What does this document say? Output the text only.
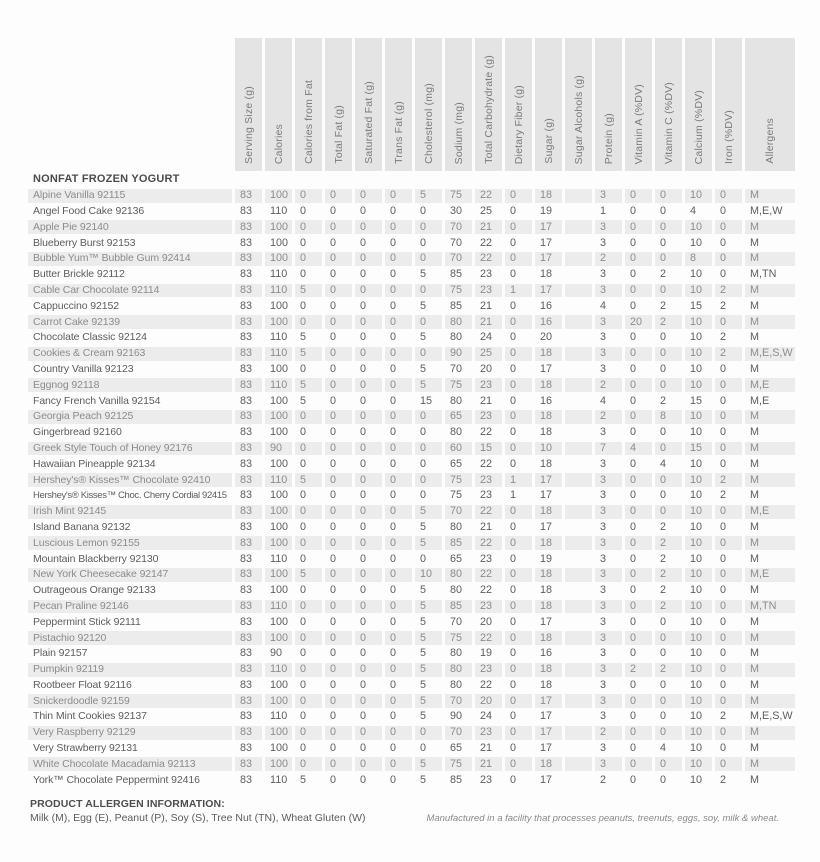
	Serving Size (g)	Calories	Calories from Fat	Total Fat (g)	Saturated Fat (g)	Trans Fat (g)	Cholesterol (mg)	Sodium (mg)	Total Carbohydrate (g)	Dietary Fiber (g)	Sugar (g)	Sugar Alcohols (g)	Protein (g)	Vitamin A (%DV)	Vitamin C (%DV)	Calcium (%DV)	Iron (%DV)	Allergens

NONFAT FROZEN YOGURT																		
Alpine Vanilla 92115	83	100	0	0	0	0	5	75	22	0	18		3	0	0	10	0	M
Angel Food Cake 92136	83	110	0	0	0	0	0	30	25	0	19		1	0	0	4	0	M,E,W
Apple Pie 92140	83	100	0	0	0	0	0	70	21	0	17		3	0	0	10	0	M
Blueberry Burst 92153	83	100	0	0	0	0	0	70	22	0	17		3	0	0	10	0	M
Bubble Yum™ Bubble Gum 92414	83	100	0	0	0	0	0	70	22	0	17		2	0	0	8	0	M
Butter Brickle 92112	83	110	0	0	0	0	5	85	23	0	18		3	0	2	10	0	M,TN
Cable Car Chocolate 92114	83	110	5	0	0	0	0	75	23	1	17		3	0	0	10	2	M
Cappuccino 92152	83	100	0	0	0	0	5	85	21	0	16		4	0	2	15	2	M
Carrot Cake 92139	83	100	0	0	0	0	0	80	21	0	16		3	20	2	10	0	M
Chocolate Classic 92124	83	110	5	0	0	0	5	80	24	0	20		3	0	0	10	2	M
Cookies & Cream 92163	83	110	5	0	0	0	0	90	25	0	18		3	0	0	10	2	M,E,S,W
Country Vanilla 92123	83	100	0	0	0	0	5	70	20	0	17		3	0	0	10	0	M
Eggnog 92118	83	110	5	0	0	0	5	75	23	0	18		2	0	0	10	0	M,E
Fancy French Vanilla 92154	83	100	5	0	0	0	15	80	21	0	16		4	0	2	15	0	M,E
Georgia Peach 92125	83	100	0	0	0	0	0	65	23	0	18		2	0	8	10	0	M
Gingerbread 92160	83	100	0	0	0	0	0	80	22	0	18		3	0	0	10	0	M
Greek Style Touch of Honey 92176	83	90	0	0	0	0	0	60	15	0	10		7	4	0	15	0	M
Hawaiian Pineapple 92134	83	100	0	0	0	0	0	65	22	0	18		3	0	4	10	0	M
Hershey's® Kisses™ Chocolate 92410	83	110	5	0	0	0	0	75	23	1	17		3	0	0	10	2	M
Hershey's® Kisses™ Choc. Cherry Cordial 92415	83	100	0	0	0	0	0	75	23	1	17		3	0	0	10	2	M
Irish Mint 92145	83	100	0	0	0	0	5	70	22	0	18		3	0	0	10	0	M,E
Island Banana 92132	83	100	0	0	0	0	5	80	21	0	17		3	0	2	10	0	M
Luscious Lemon 92155	83	100	0	0	0	0	5	85	22	0	18		3	0	2	10	0	M
Mountain Blackberry 92130	83	110	0	0	0	0	0	65	23	0	19		3	0	2	10	0	M
New York Cheesecake 92147	83	100	5	0	0	0	10	80	22	0	18		3	0	2	10	0	M,E
Outrageous Orange 92133	83	100	0	0	0	0	5	80	22	0	18		3	0	2	10	0	M
Pecan Praline 92146	83	110	0	0	0	0	5	85	23	0	18		3	0	2	10	0	M,TN
Peppermint Stick 92111	83	100	0	0	0	0	5	70	20	0	17		3	0	0	10	0	M
Pistachio 92120	83	100	0	0	0	0	5	75	22	0	18		3	0	0	10	0	M
Plain 92157	83	90	0	0	0	0	5	80	19	0	16		3	0	0	10	0	M
Pumpkin 92119	83	110	0	0	0	0	5	80	23	0	18		3	2	2	10	0	M
Rootbeer Float 92116	83	100	0	0	0	0	5	80	22	0	18		3	0	0	10	0	M
Snickerdoodle 92159	83	100	0	0	0	0	5	70	20	0	17		3	0	0	10	0	M
Thin Mint Cookies 92137	83	110	0	0	0	0	5	90	24	0	17		3	0	0	10	2	M,E,S,W
Very Raspberry 92129	83	100	0	0	0	0	0	70	23	0	17		2	0	0	10	0	M
Very Strawberry 92131	83	100	0	0	0	0	0	65	21	0	17		3	0	4	10	0	M
White Chocolate Macadamia 92113	83	100	0	0	0	0	5	75	21	0	18		3	0	0	10	0	M
York™ Chocolate Peppermint 92416	83	110	5	0	0	0	5	85	23	0	17		2	0	0	10	2	M
PRODUCT ALLERGEN INFORMATION:
Milk (M), Egg (E), Peanut (P), Soy (S), Tree Nut (TN), Wheat Gluten (W)	Manufactured in a facility that processes peanuts, treenuts, eggs, soy, milk & wheat.
